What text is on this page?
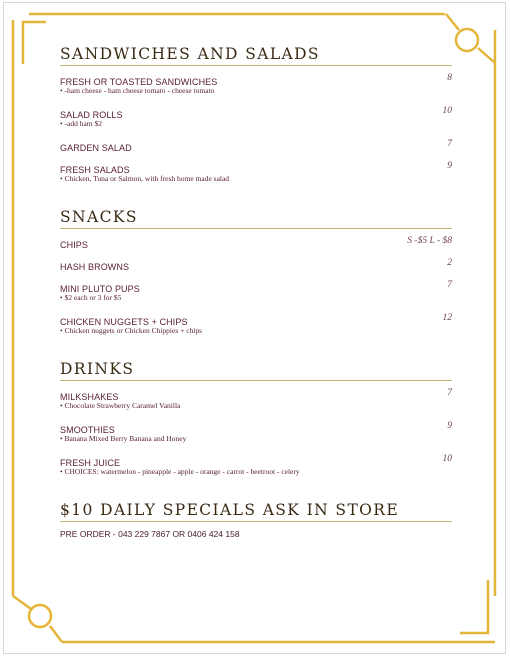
SANDWICHES AND SALADS
FRESH OR TOASTED SANDWICHES	8
• -ham cheese - ham cheese tomato - cheese tomato
SALAD ROLLS	10
• -add ham $2
GARDEN SALAD	7
FRESH SALADS	9
• Chicken, Tuna or Salmon, with fresh home made salad
SNACKS
CHIPS	S -$5 L - $8
HASH BROWNS	2
MINI PLUTO PUPS	7
• $2 each or 3 for $5
CHICKEN NUGGETS + CHIPS	12
• Chicken nuggets or Chicken Chippies + chips
DRINKS
MILKSHAKES	7
• Chocolate Strawberry Caramel Vanilla
SMOOTHIES	9
• Banana Mixed Berry Banana and Honey
FRESH JUICE	10
• CHOICES: watermelon - pineapple - apple - orange - carrot - beetroot - celery
$10 DAILY SPECIALS ASK IN STORE
PRE ORDER - 043 229 7867 OR 0406 424 158
